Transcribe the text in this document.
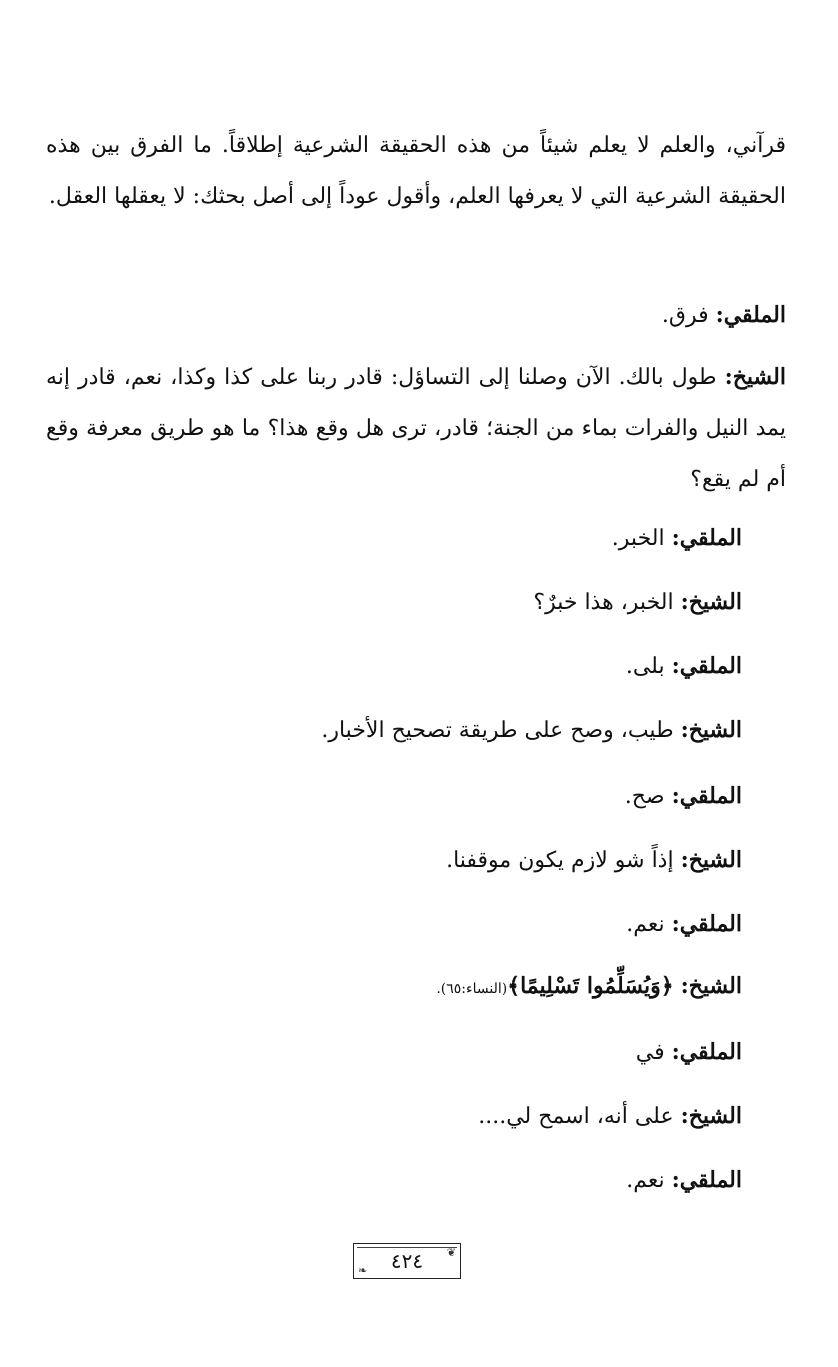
قرآني، والعلم لا يعلم شيئاً من هذه الحقيقة الشرعية إطلاقاً. ما الفرق بين هذه الحقيقة الشرعية التي لا يعرفها العلم، وأقول عوداً إلى أصل بحثك: لا يعقلها العقل.

الملقي: فرق.

الشيخ: طول بالك. الآن وصلنا إلى التساؤل: قادر ربنا على كذا وكذا، نعم، قادر إنه يمد النيل والفرات بماء من الجنة؛ قادر، ترى هل وقع هذا؟ ما هو طريق معرفة وقع أم لم يقع؟

الملقي: الخبر.

الشيخ: الخبر، هذا خبرٌ؟

الملقي: بلى.

الشيخ: طيب، وصح على طريقة تصحيح الأخبار.

الملقي: صح.

الشيخ: إذاً شو لازم يكون موقفنا.

الملقي: نعم.

الشيخ: ﴿وَيُسَلِّمُوا تَسْلِيمًا﴾(النساء:٦٥).

الملقي: في

الشيخ: على أنه، اسمح لي....

الملقي: نعم.

❦
❧ ٤٢٤
